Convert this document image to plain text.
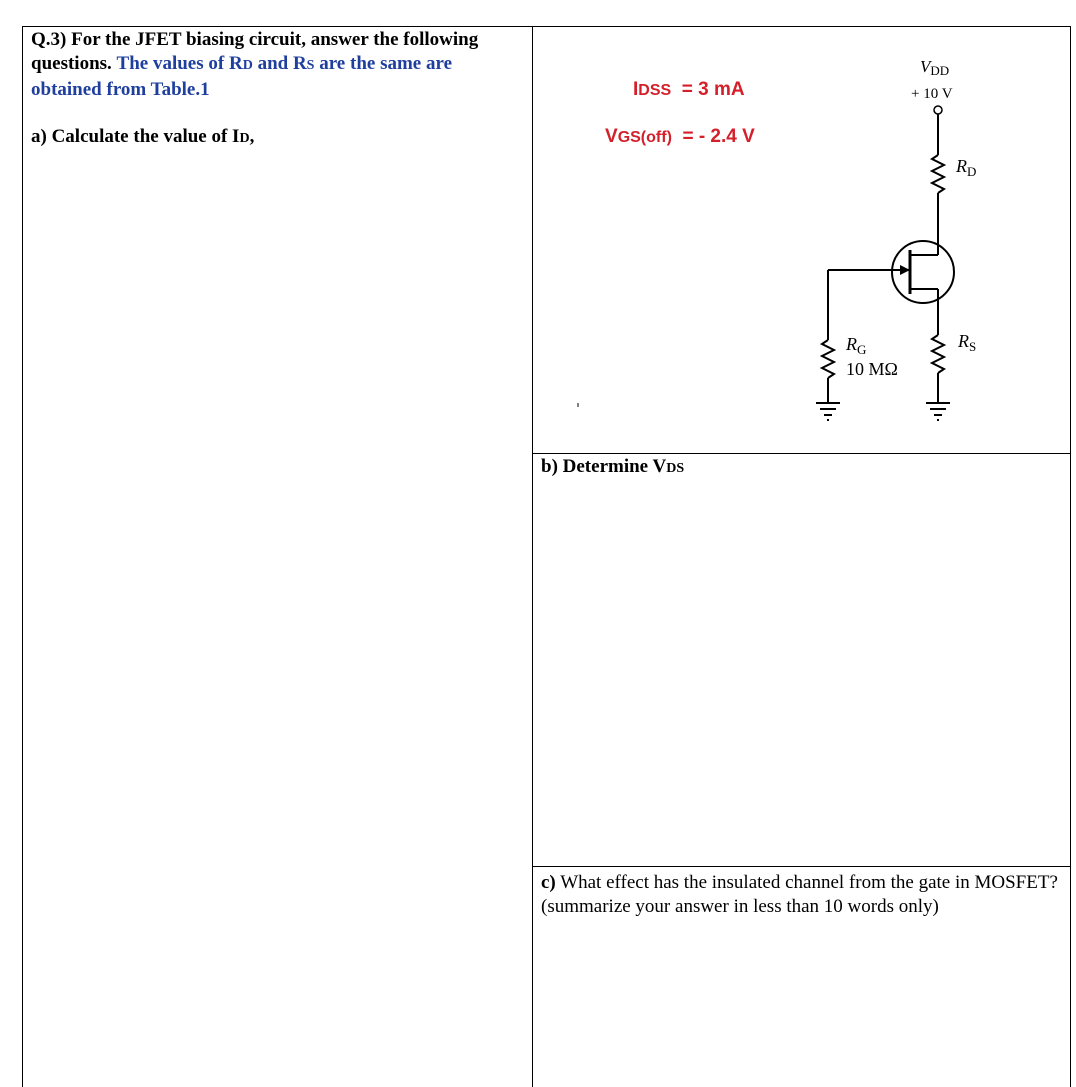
Q.3) For the JFET biasing circuit, answer the following questions. The values of RD and RS are the same are obtained from Table.1
a) Calculate the value of ID,
IDSS = 3 mA
VGS(off) = - 2.4 V
VDD
+ 10 V
$R_D$
$R_S$
$R_G$
10 MΩ
b) Determine VDS
c) What effect has the insulated channel from the gate in MOSFET? (summarize your answer in less than 10 words only)
